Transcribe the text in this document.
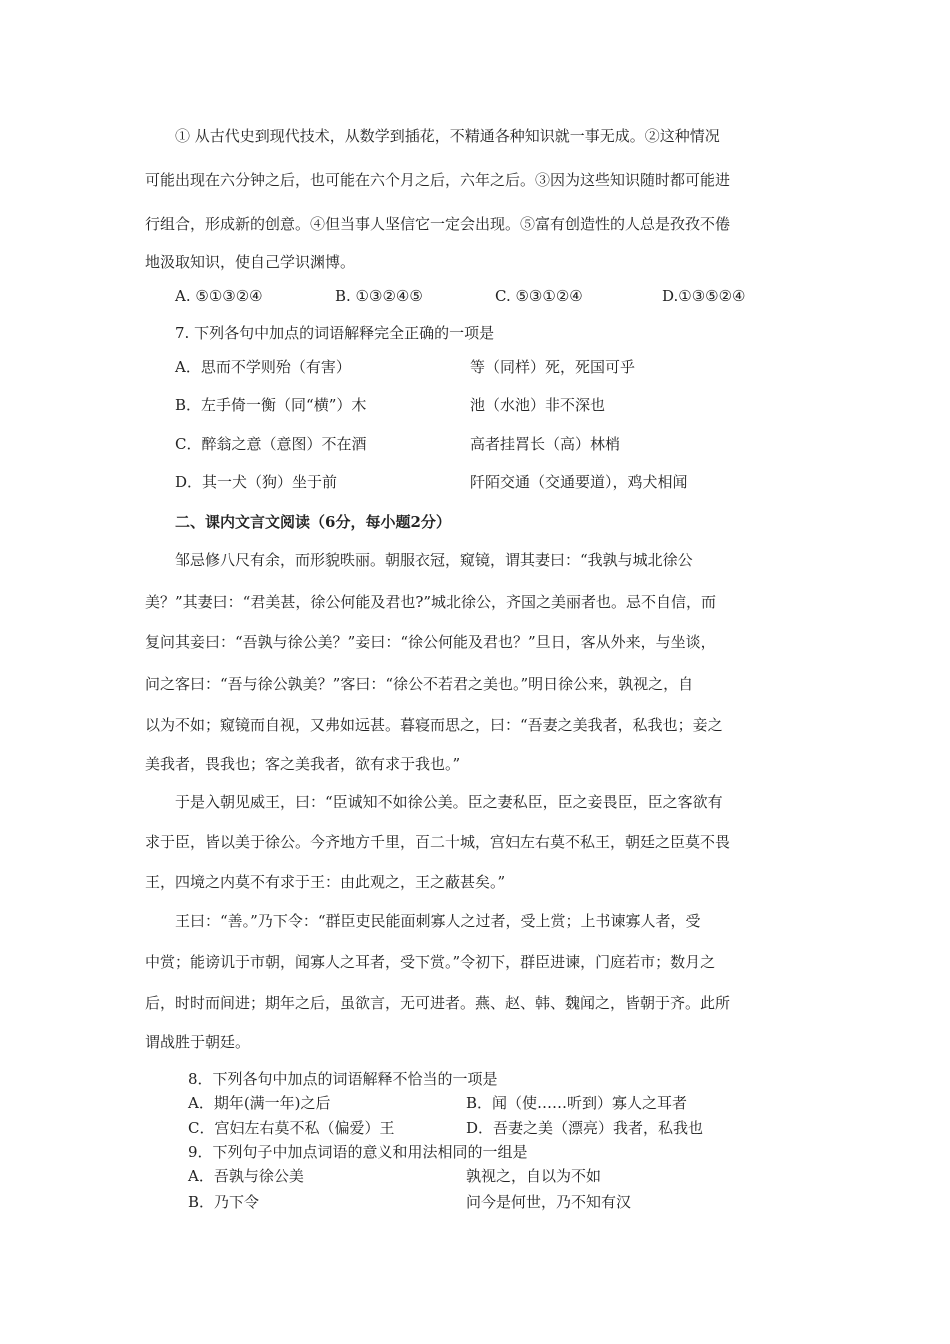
① 从古代史到现代技术，从数学到插花，不精通各种知识就一事无成。②这种情况
可能出现在六分钟之后，也可能在六个月之后，六年之后。③因为这些知识随时都可能进
行组合，形成新的创意。④但当事人坚信它一定会出现。⑤富有创造性的人总是孜孜不倦
地汲取知识，使自己学识渊博。
A. ⑤①③②④	B. ①③②④⑤	C. ⑤③①②④	D.①③⑤②④
7. 下列各句中加点的词语解释完全正确的一项是
A．思而不学则殆（有害）	等（同样）死，死国可乎
B．左手倚一衡（同“横”）木	池（水池）非不深也
C．醉翁之意（意图）不在酒	高者挂罥长（高）林梢
D．其一犬（狗）坐于前	阡陌交通（交通要道），鸡犬相闻
二、课内文言文阅读（6分，每小题2分）
邹忌修八尺有余，而形貌昳丽。朝服衣冠，窥镜，谓其妻曰：“我孰与城北徐公
美？”其妻曰：“君美甚，徐公何能及君也?”城北徐公，齐国之美丽者也。忌不自信，而
复问其妾曰：“吾孰与徐公美？”妾曰：“徐公何能及君也？”旦日，客从外来，与坐谈，
问之客曰：“吾与徐公孰美？”客曰：“徐公不若君之美也。”明日徐公来，孰视之，自
以为不如；窥镜而自视，又弗如远甚。暮寝而思之，曰：“吾妻之美我者，私我也；妾之
美我者，畏我也；客之美我者，欲有求于我也。”
于是入朝见威王，曰：“臣诚知不如徐公美。臣之妻私臣，臣之妾畏臣，臣之客欲有
求于臣，皆以美于徐公。今齐地方千里，百二十城，宫妇左右莫不私王，朝廷之臣莫不畏
王，四境之内莫不有求于王：由此观之，王之蔽甚矣。”
王曰：“善。”乃下令：“群臣吏民能面刺寡人之过者，受上赏；上书谏寡人者，受
中赏；能谤讥于市朝，闻寡人之耳者，受下赏。”令初下，群臣进谏，门庭若市；数月之
后，时时而间进；期年之后，虽欲言，无可进者。燕、赵、韩、魏闻之，皆朝于齐。此所
谓战胜于朝廷。
8．下列各句中加点的词语解释不恰当的一项是
A．期年(满一年)之后	B．闻（使……听到）寡人之耳者
C．宫妇左右莫不私（偏爱）王	D．吾妻之美（漂亮）我者，私我也
9．下列句子中加点词语的意义和用法相同的一组是
A．吾孰与徐公美	孰视之，自以为不如
B．乃下令	问今是何世，乃不知有汉
